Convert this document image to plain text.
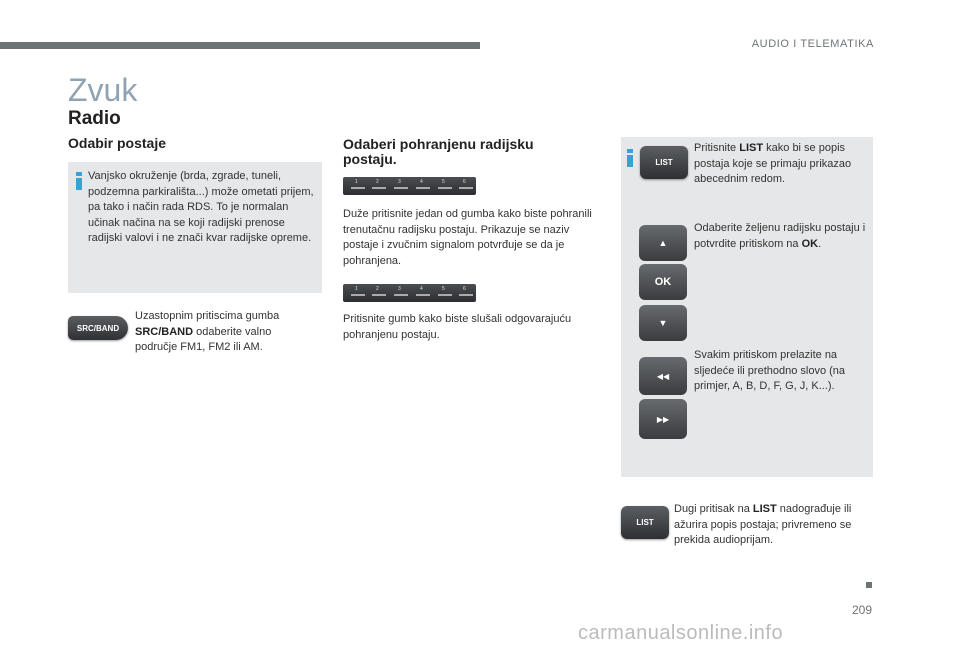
AUDIO I TELEMATIKA
Zvuk
Radio
Odabir postaje
Vanjsko okruženje (brda, zgrade, tuneli, podzemna parkirališta...) može ometati prijem, pa tako i način rada RDS. To je normalan učinak načina na se koji radijski prenose radijski valovi i ne znači kvar radijske opreme.
SRC/BAND
Uzastopnim pritiscima gumba
SRC/BAND odaberite valno područje FM1, FM2 ili AM.
Odaberi pohranjenu radijsku postaju.
1	2	3	4	5	6
Duže pritisnite jedan od gumba kako biste pohranili trenutačnu radijsku postaju. Prikazuje se naziv postaje i zvučnim signalom potvrđuje se da je pohranjena.
1	2	3	4	5	6
Pritisnite gumb kako biste slušali odgovarajuću pohranjenu postaju.
LIST
Pritisnite LIST kako bi se popis postaja koje se primaju prikazao abecednim redom.
▲
OK
▼
Odaberite željenu radijsku postaju i potvrdite pritiskom na OK.
◀◀
▶▶
Svakim pritiskom prelazite na sljedeće ili prethodno slovo (na primjer, A, B, D, F, G, J, K...).
LIST
Dugi pritisak na LIST nadograđuje ili ažurira popis postaja; privremeno se prekida audioprijam.
209
carmanualsonline.info
